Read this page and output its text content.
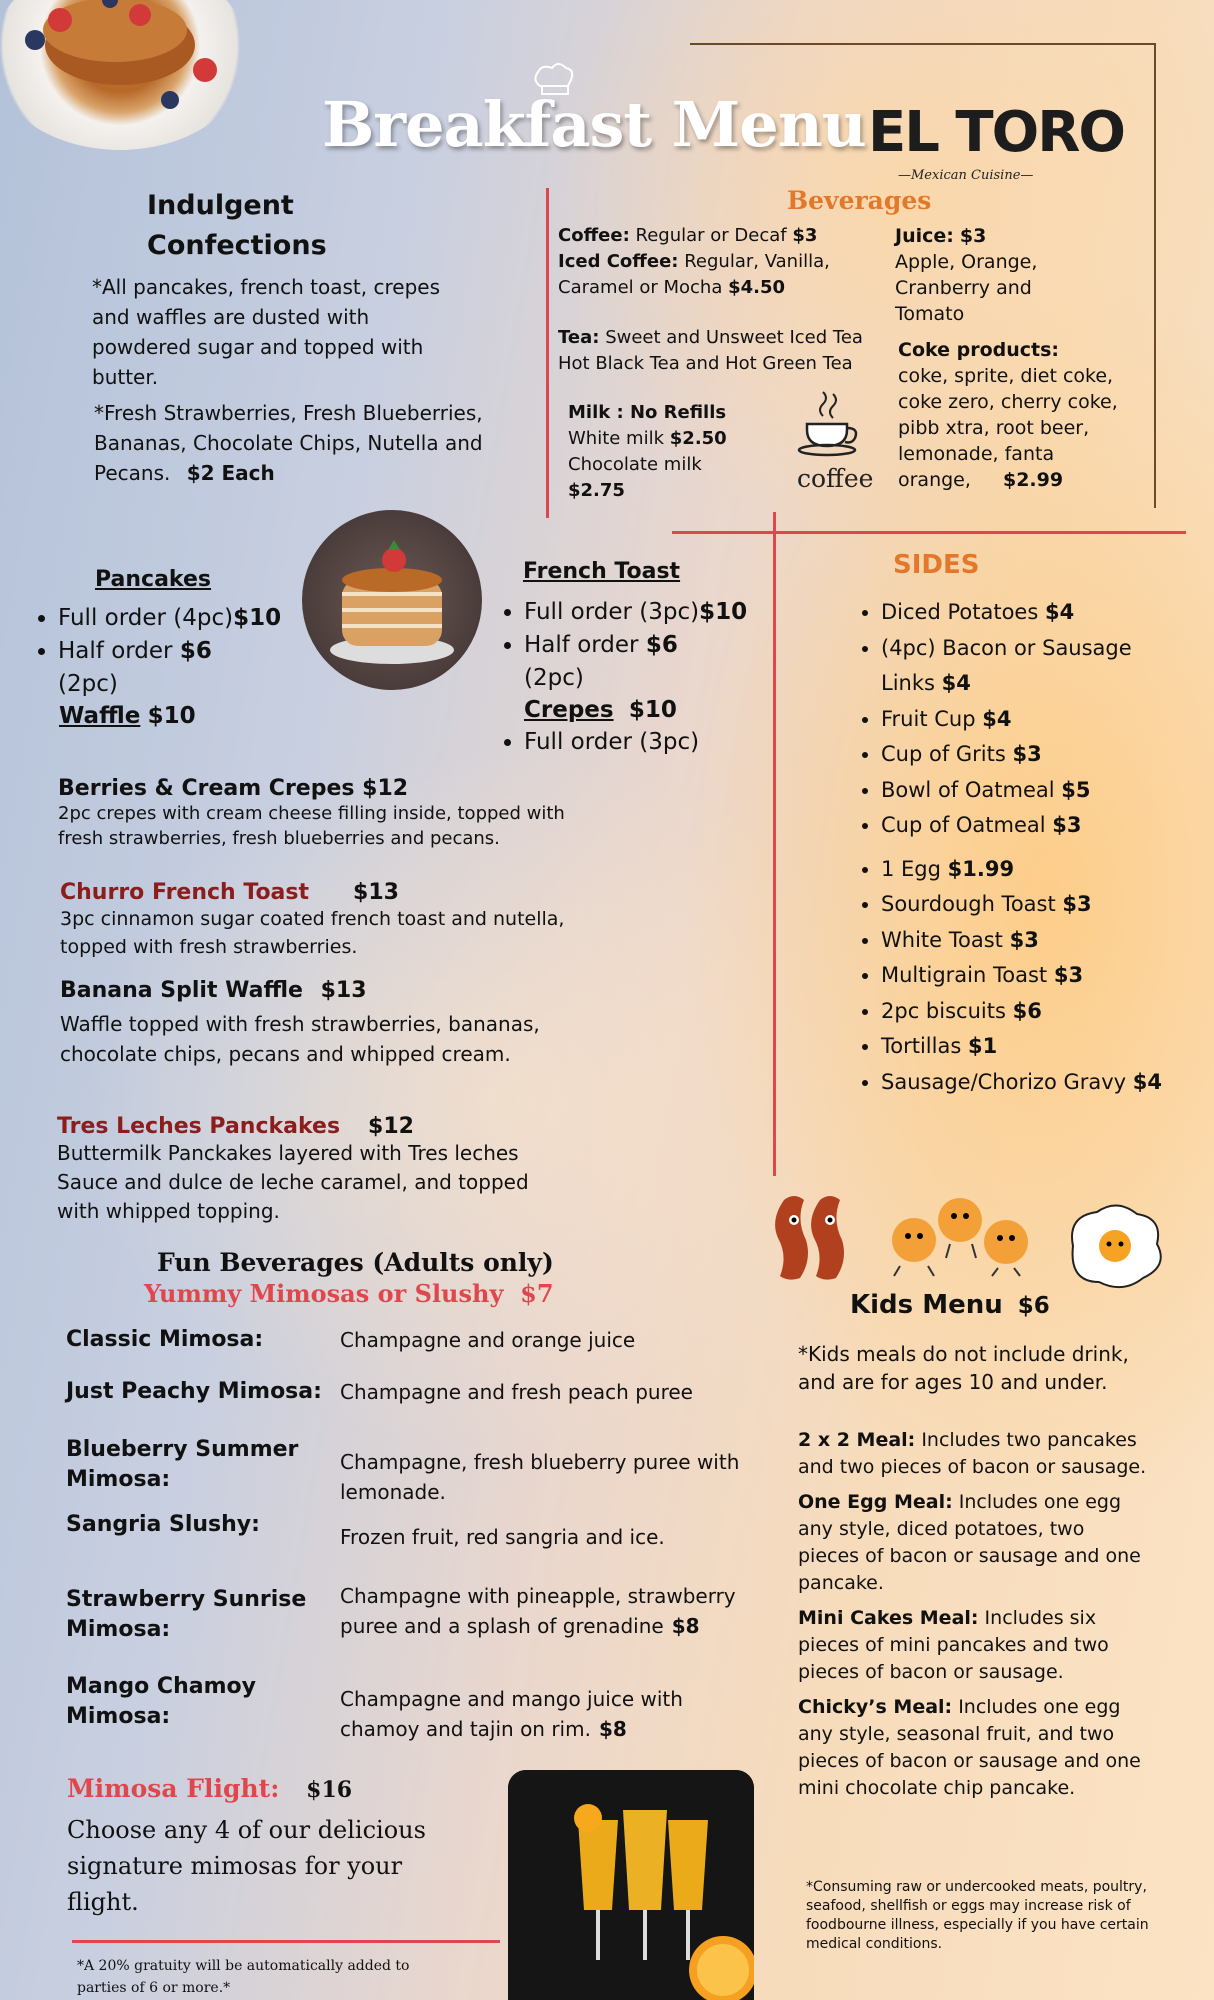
Breakfast Menu EL TORO
—Mexican Cuisine—
Indulgent
Confections
*All pancakes, french toast, crepes and waffles are dusted with powdered sugar and topped with butter.
*Fresh Strawberries, Fresh Blueberries, Bananas, Chocolate Chips, Nutella and Pecans. $2 Each
Beverages
Coffee: Regular or Decaf $3
Iced Coffee: Regular, Vanilla, Caramel or Mocha $4.50
Tea: Sweet and Unsweet Iced Tea Hot Black Tea and Hot Green Tea
Milk : No Refills
White milk $2.50
Chocolate milk
$2.75	coffee
Juice: $3
Apple, Orange, Cranberry and Tomato
Coke products:
coke, sprite, diet coke, coke zero, cherry coke, pibb xtra, root beer, lemonade, fanta orange, $2.99
Pancakes
• Full order (4pc)$10
• Half order $6
(2pc)
Waffle $10
French Toast
• Full order (3pc)$10
• Half order $6
(2pc)
Crepes $10
• Full order (3pc)
Berries & Cream Crepes $12
2pc crepes with cream cheese filling inside, topped with fresh strawberries, fresh blueberries and pecans.
Churro French Toast $13
3pc cinnamon sugar coated french toast and nutella, topped with fresh strawberries.
Banana Split Waffle $13
Waffle topped with fresh strawberries, bananas, chocolate chips, pecans and whipped cream.
Tres Leches Panckakes $12
Buttermilk Panckakes layered with Tres leches Sauce and dulce de leche caramel, and topped with whipped topping.
SIDES
• Diced Potatoes $4
• (4pc) Bacon or Sausage Links $4
• Fruit Cup $4
• Cup of Grits $3
• Bowl of Oatmeal $5
• Cup of Oatmeal $3
• 1 Egg $1.99
• Sourdough Toast $3
• White Toast $3
• Multigrain Toast $3
• 2pc biscuits $6
• Tortillas $1
• Sausage/Chorizo Gravy $4
Fun Beverages (Adults only)
Yummy Mimosas or Slushy  $7
Classic Mimosa:	Champagne and orange juice
Just Peachy Mimosa: Champagne and fresh peach puree
Blueberry Summer Mimosa:
Champagne, fresh blueberry puree with lemonade.
Sangria Slushy:	Frozen fruit, red sangria and ice.
Strawberry Sunrise Mimosa:
Champagne with pineapple, strawberry puree and a splash of grenadine $8
Mango Chamoy Mimosa:
Champagne and mango juice with chamoy and tajin on rim. $8
Mimosa Flight: $16
Choose any 4 of our delicious signature mimosas for your flight.
*A 20% gratuity will be automatically added to parties of 6 or more.*
Kids Menu $6
*Kids meals do not include drink, and are for ages 10 and under.
2 x 2 Meal: Includes two pancakes and two pieces of bacon or sausage.
One Egg Meal: Includes one egg any style, diced potatoes, two pieces of bacon or sausage and one pancake.
Mini Cakes Meal: Includes six pieces of mini pancakes and two pieces of bacon or sausage.
Chicky’s Meal: Includes one egg any style, seasonal fruit, and two pieces of bacon or sausage and one mini chocolate chip pancake.
*Consuming raw or undercooked meats, poultry, seafood, shellfish or eggs may increase risk of foodbourne illness, especially if you have certain medical conditions.
